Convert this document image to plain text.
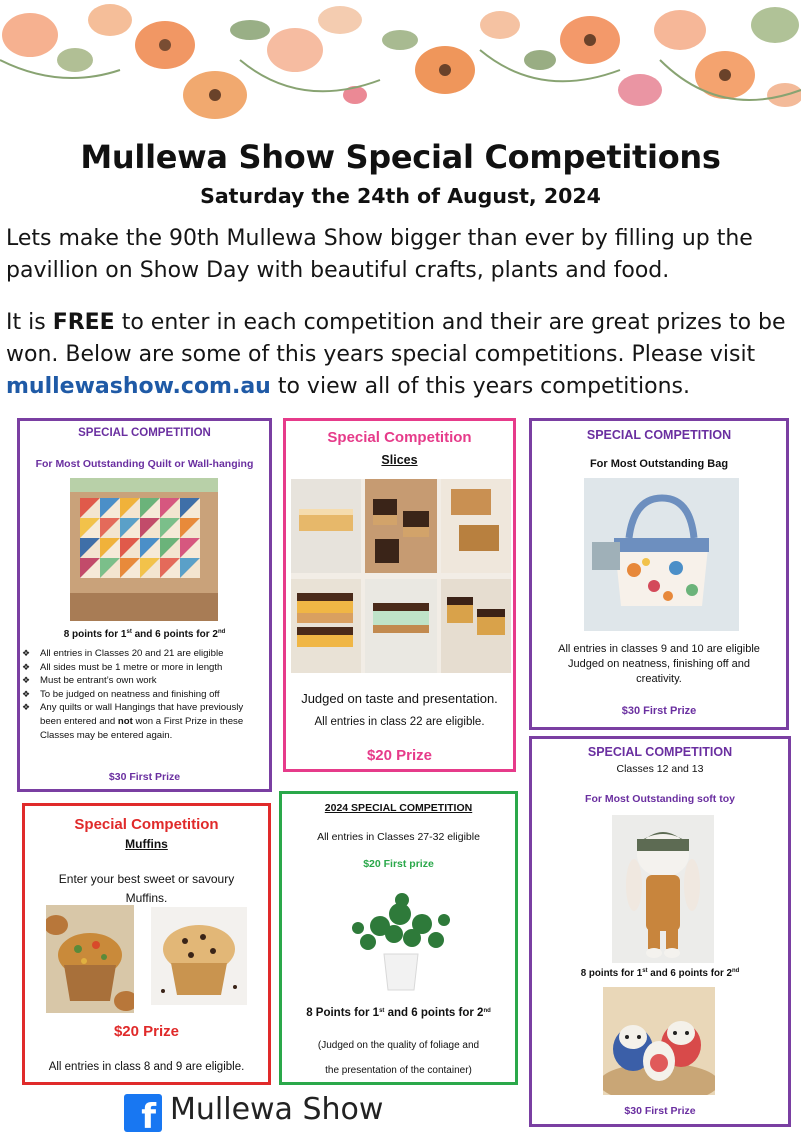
Mullewa Show Special Competitions
Saturday the 24th of August, 2024

Lets make the 90th Mullewa Show bigger than ever by filling up the pavillion on Show Day with beautiful crafts, plants and food.

It is FREE to enter in each competition and their are great prizes to be won. Below are some of this years special competitions. Please visit mullewashow.com.au to view all of this years competitions.

SPECIAL COMPETITION
For Most Outstanding Quilt or Wall-hanging
8 points for 1st and 6 points for 2nd
$30 First Prize
❖ All entries in Classes 20 and 21 are eligible
❖ All sides must be 1 metre or more in length
❖ Must be entrant’s own work
❖ To be judged on neatness and finishing off
❖ Any quilts or wall Hangings that have previously been entered and not won a First Prize in these Classes may be entered again.
Special Competition
Slices
Judged on taste and presentation.
All entries in class 22 are eligible.
$20 Prize
SPECIAL COMPETITION
For Most Outstanding Bag
All entries in classes 9 and 10 are eligible
Judged on neatness, finishing off and
creativity.
$30 First Prize
SPECIAL COMPETITION
Classes 12 and 13
For Most Outstanding soft toy
8 points for 1st and 6 points for 2nd
$30 First Prize
Special Competition
Muffins
Enter your best sweet or savoury
Muffins.
$20 Prize
All entries in class 8 and 9 are eligible.
2024 SPECIAL COMPETITION
All entries in Classes 27-32 eligible
$20 First prize
8 Points for 1st and 6 points for 2nd
(Judged on the quality of foliage and
the presentation of the container)
f Mullewa Show
